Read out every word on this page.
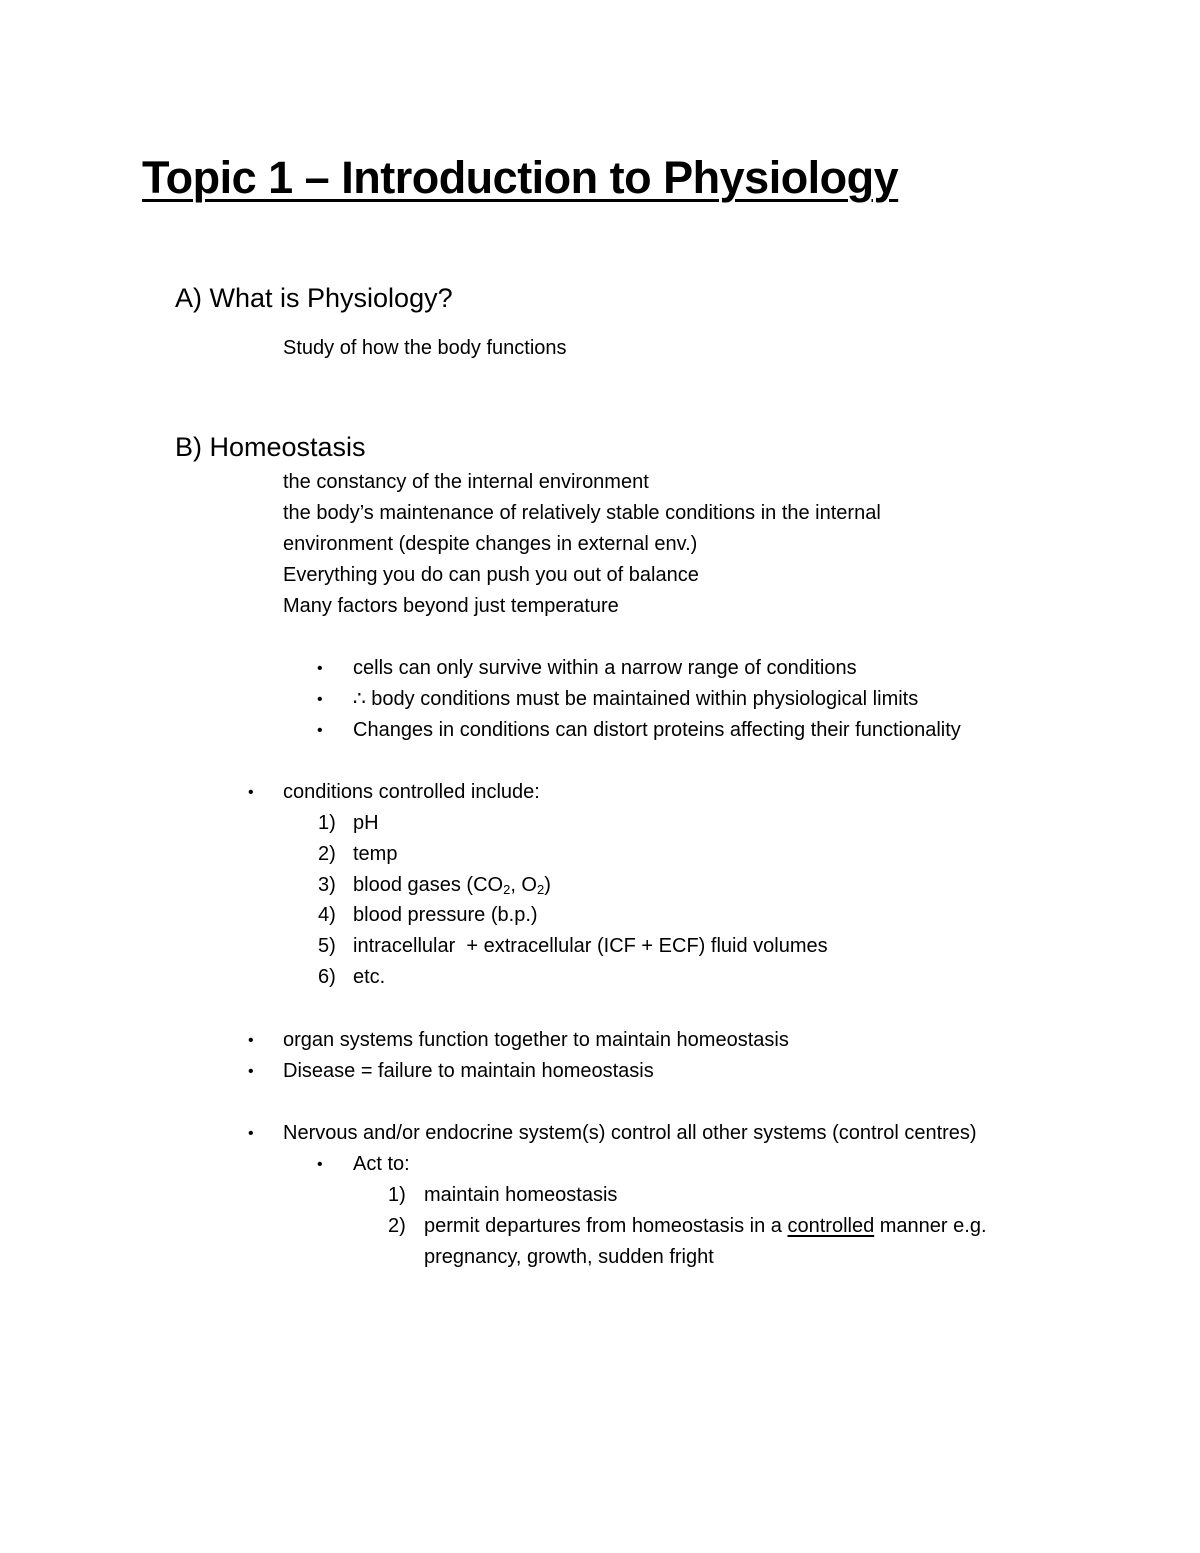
Topic 1 – Introduction to Physiology
A) What is Physiology?
Study of how the body functions
B) Homeostasis
the constancy of the internal environment
the body’s maintenance of relatively stable conditions in the internal
environment (despite changes in external env.)
Everything you do can push you out of balance
Many factors beyond just temperature
• cells can only survive within a narrow range of conditions
• ∴ body conditions must be maintained within physiological limits
• Changes in conditions can distort proteins affecting their functionality
• conditions controlled include:
1) pH
2) temp
3) blood gases ($CO_2$, $O_2$)
4) blood pressure (b.p.)
5) intracellular  + extracellular (ICF + ECF) fluid volumes
6) etc.
• organ systems function together to maintain homeostasis
• Disease = failure to maintain homeostasis
• Nervous and/or endocrine system(s) control all other systems (control centres)
• Act to:
1) maintain homeostasis
2) permit departures from homeostasis in a controlled manner e.g.
pregnancy, growth, sudden fright
